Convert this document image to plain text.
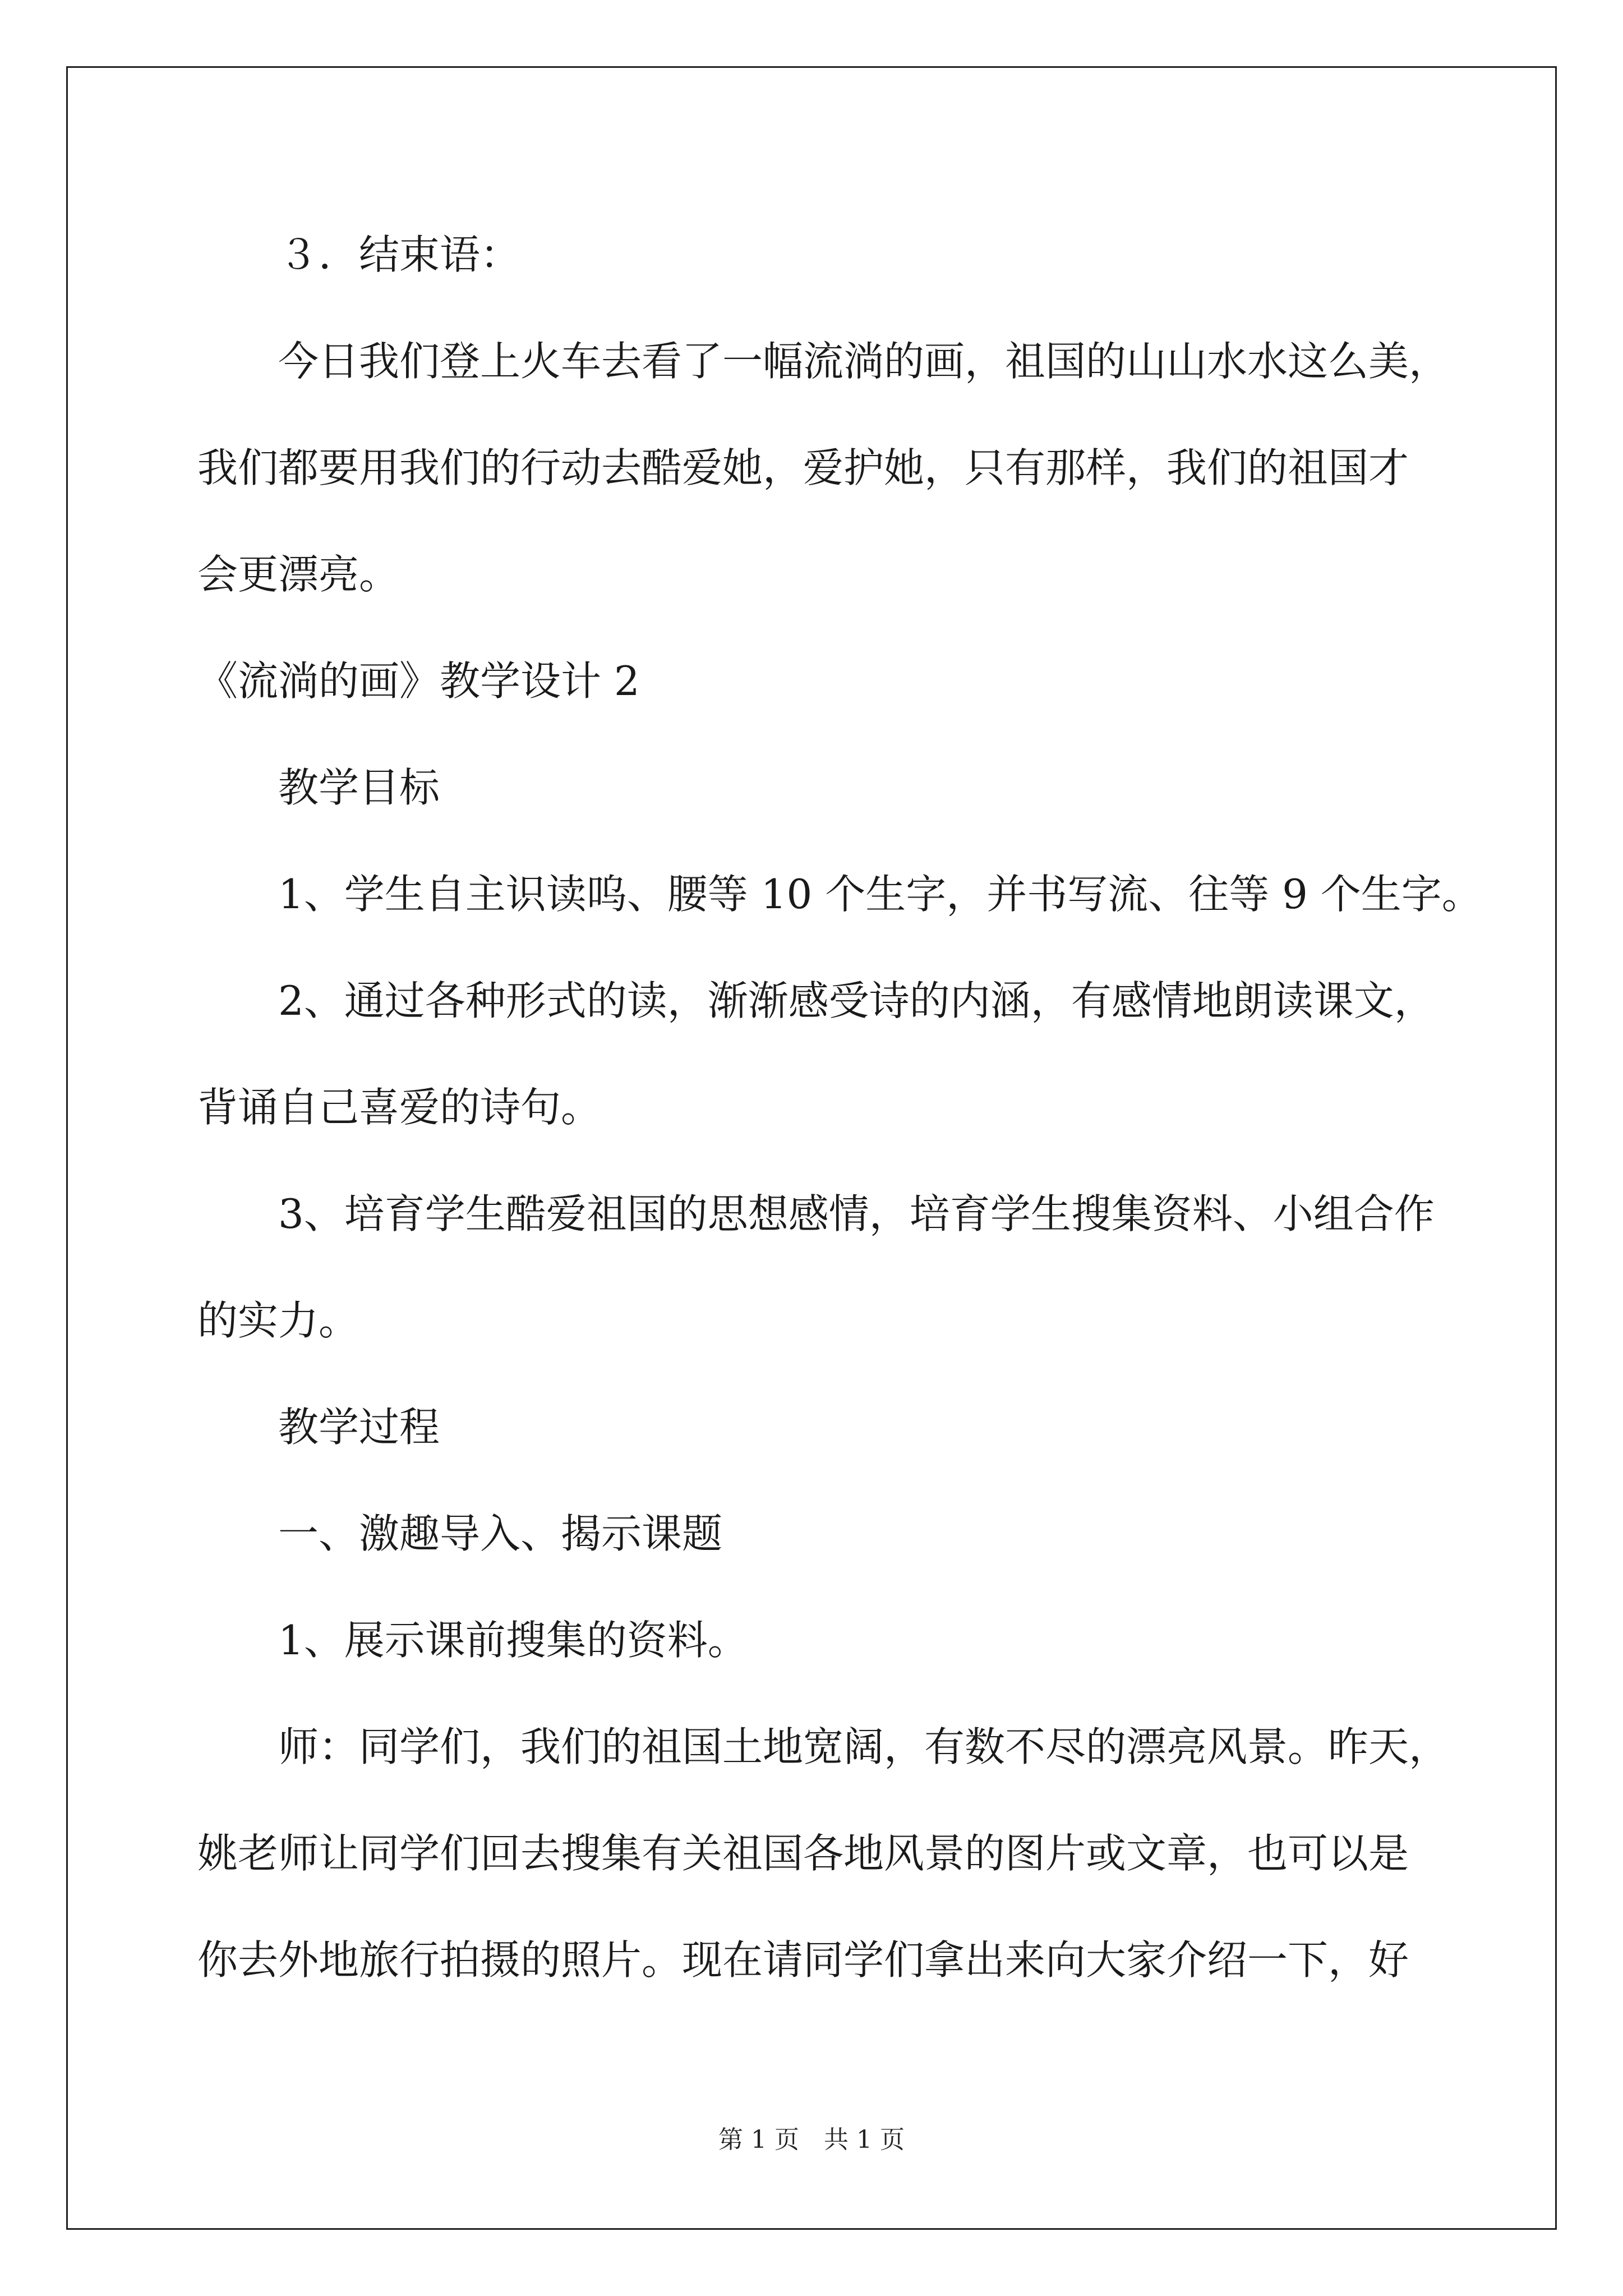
３．结束语：
今日我们登上火车去看了一幅流淌的画，祖国的山山水水这么美，
我们都要用我们的行动去酷爱她，爱护她，只有那样，我们的祖国才
会更漂亮。
《流淌的画》教学设计 2
教学目标
1、学生自主识读呜、腰等 10 个生字，并书写流、往等 9 个生字。
2、通过各种形式的读，渐渐感受诗的内涵，有感情地朗读课文，
背诵自己喜爱的诗句。
3、培育学生酷爱祖国的思想感情，培育学生搜集资料、小组合作
的实力。
教学过程
一、激趣导入、揭示课题
1、展示课前搜集的资料。
师：同学们，我们的祖国土地宽阔，有数不尽的漂亮风景。昨天，
姚老师让同学们回去搜集有关祖国各地风景的图片或文章，也可以是
你去外地旅行拍摄的照片。现在请同学们拿出来向大家介绍一下，好
第 1 页　共 1 页
